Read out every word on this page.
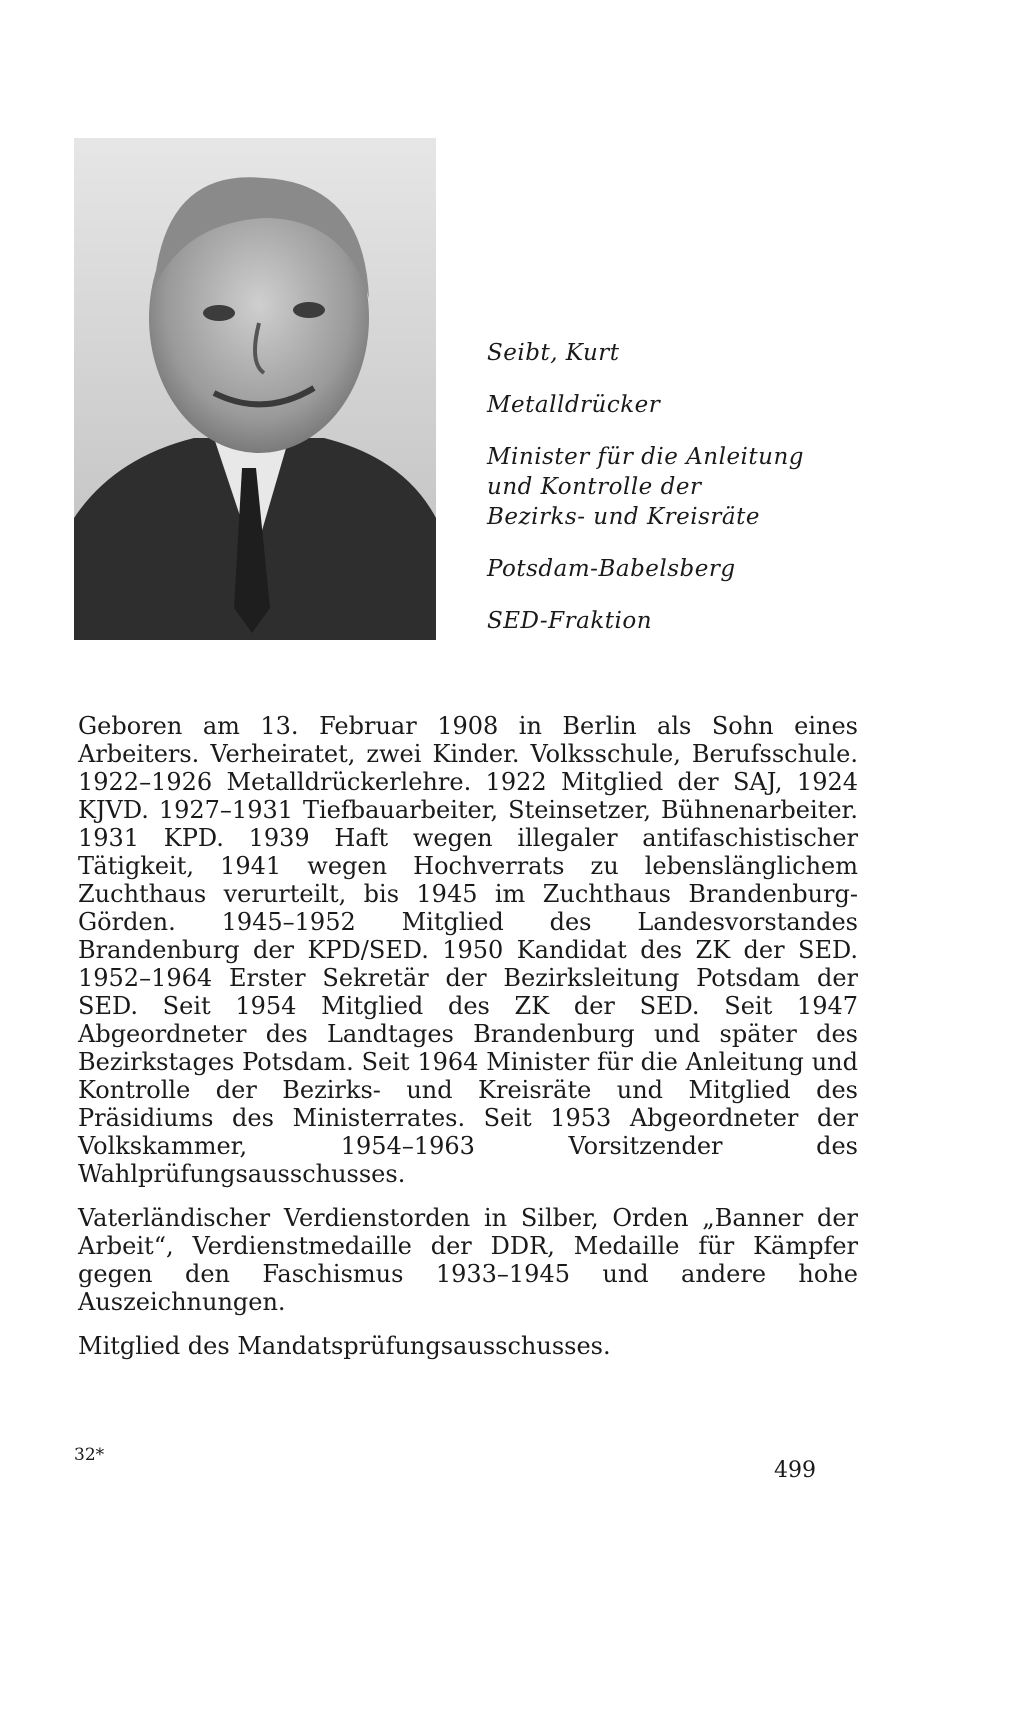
Seibt, Kurt

Metalldrücker

Minister für die Anleitung
und Kontrolle der
Bezirks- und Kreisräte

Potsdam-Babelsberg

SED-Fraktion

Geboren am 13. Februar 1908 in Berlin als Sohn eines Arbeiters. Verheiratet, zwei Kinder. Volksschule, Berufsschule. 1922–1926 Metalldrückerlehre. 1922 Mitglied der SAJ, 1924 KJVD. 1927–1931 Tiefbauarbeiter, Steinsetzer, Bühnenarbeiter. 1931 KPD. 1939 Haft wegen illegaler antifaschistischer Tätigkeit, 1941 wegen Hochverrats zu lebenslänglichem Zuchthaus verurteilt, bis 1945 im Zuchthaus Brandenburg-Görden. 1945–1952 Mitglied des Landesvorstandes Brandenburg der KPD/SED. 1950 Kandidat des ZK der SED. 1952–1964 Erster Sekretär der Bezirksleitung Potsdam der SED. Seit 1954 Mitglied des ZK der SED. Seit 1947 Abgeordneter des Landtages Brandenburg und später des Bezirkstages Potsdam. Seit 1964 Minister für die Anleitung und Kontrolle der Bezirks- und Kreisräte und Mitglied des Präsidiums des Ministerrates. Seit 1953 Abgeordneter der Volkskammer, 1954–1963 Vorsitzender des Wahlprüfungsausschusses.

Vaterländischer Verdienstorden in Silber, Orden „Banner der Arbeit“, Verdienstmedaille der DDR, Medaille für Kämpfer gegen den Faschismus 1933–1945 und andere hohe Auszeichnungen.

Mitglied des Mandatsprüfungsausschusses.

32*
499
